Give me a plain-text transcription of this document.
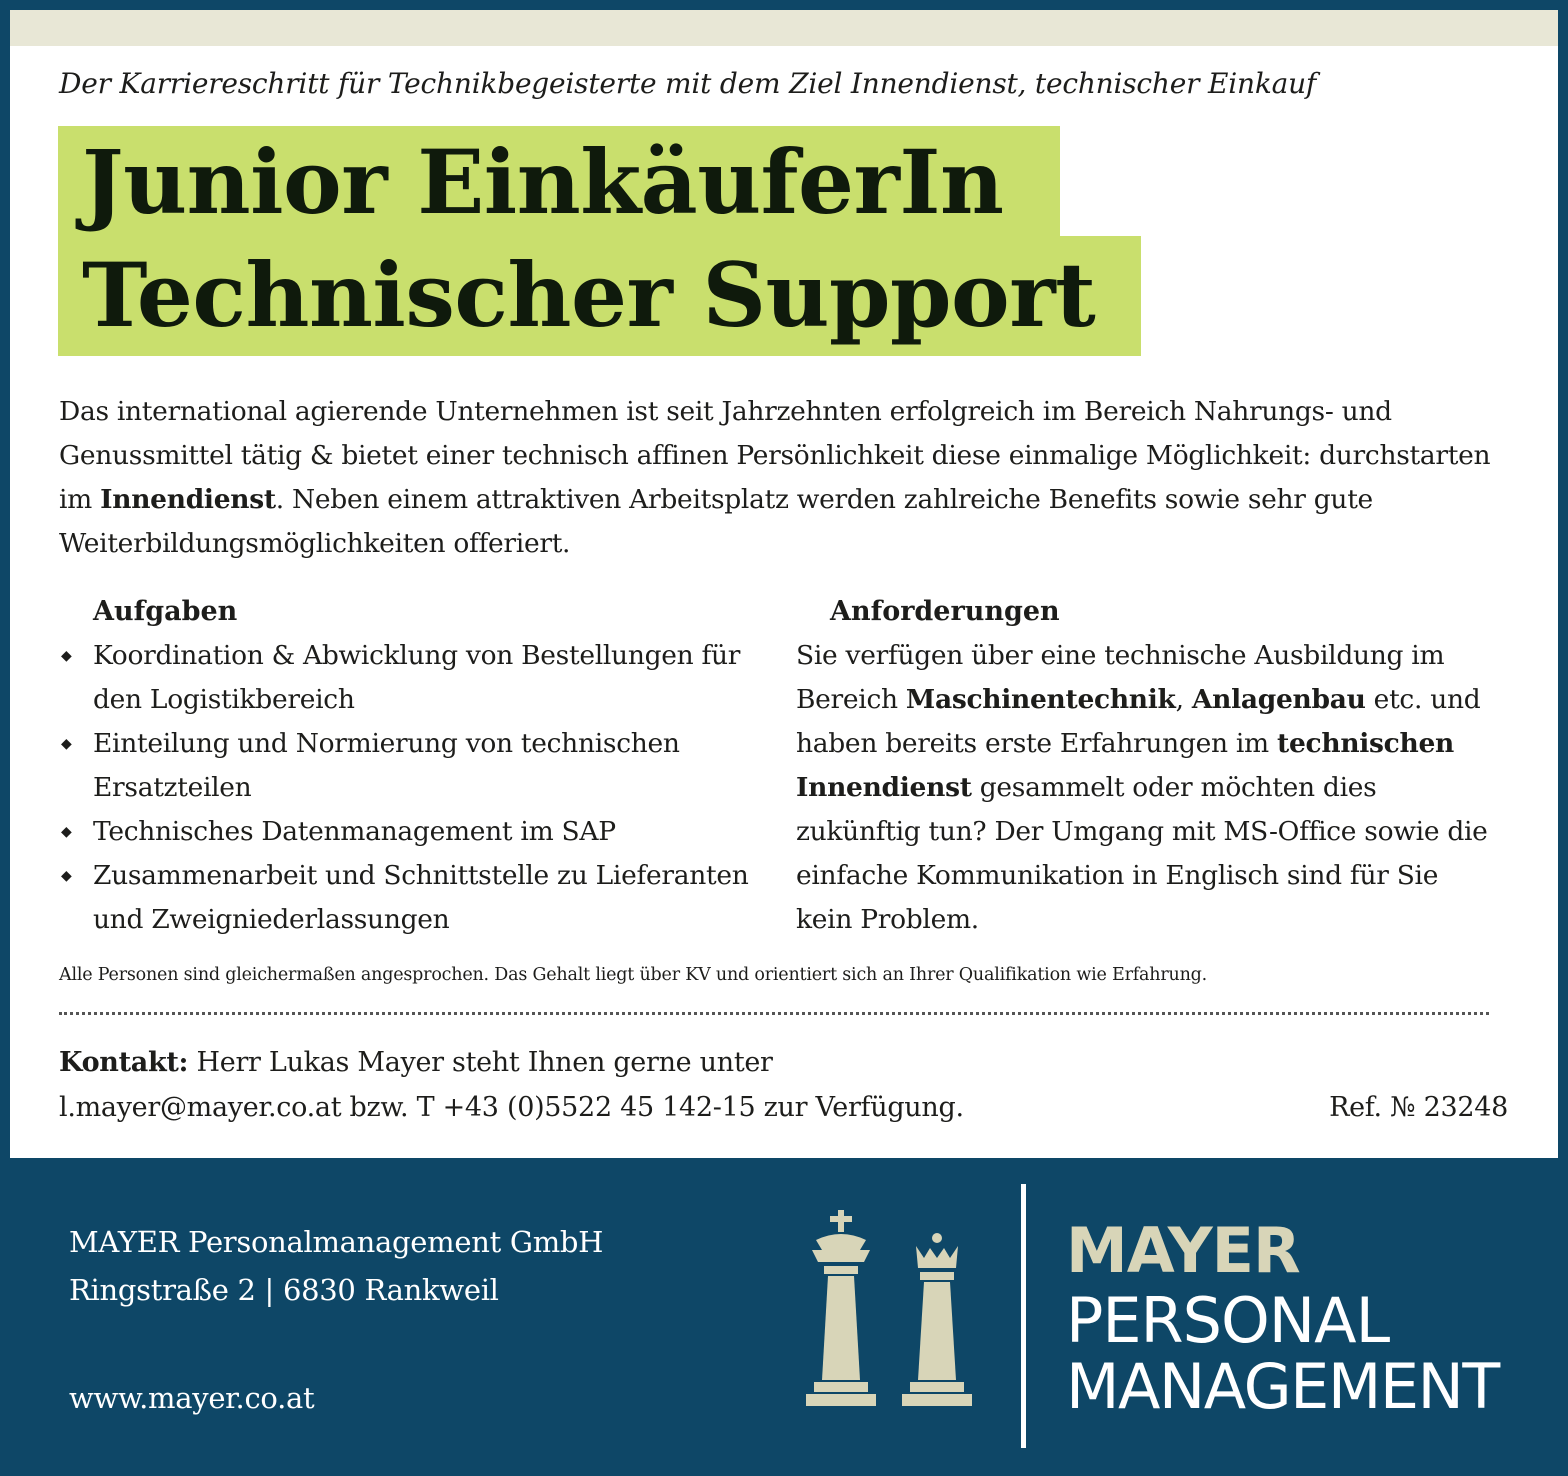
Der Karriereschritt für Technikbegeisterte mit dem Ziel Innendienst, technischer Einkauf
Junior EinkäuferIn
Technischer Support
Das international agierende Unternehmen ist seit Jahrzehnten erfolgreich im Bereich Nahrungs- und Genussmittel tätig & bietet einer technisch affinen Persönlichkeit diese einmalige Möglichkeit: durchstarten im Innendienst. Neben einem attraktiven Arbeitsplatz werden zahlreiche Benefits sowie sehr gute Weiterbildungsmöglichkeiten offeriert.
Aufgaben
◆ Koordination & Abwicklung von Bestellungen für den Logistikbereich
◆ Einteilung und Normierung von technischen Ersatzteilen
◆ Technisches Datenmanagement im SAP
◆ Zusammenarbeit und Schnittstelle zu Lieferanten und Zweigniederlassungen
Anforderungen
Sie verfügen über eine technische Ausbildung im Bereich Maschinentechnik, Anlagenbau etc. und haben bereits erste Erfahrungen im technischen Innendienst gesammelt oder möchten dies zukünftig tun? Der Umgang mit MS-Office sowie die einfache Kommunikation in Englisch sind für Sie kein Problem.
Alle Personen sind gleichermaßen angesprochen. Das Gehalt liegt über KV und orientiert sich an Ihrer Qualifikation wie Erfahrung.
Kontakt: Herr Lukas Mayer steht Ihnen gerne unter
l.mayer@mayer.co.at bzw. T +43 (0)5522 45 142-15 zur Verfügung.	Ref. № 23248
MAYER Personalmanagement GmbH
Ringstraße 2 | 6830 Rankweil
www.mayer.co.at
MAYER
PERSONAL
MANAGEMENT
